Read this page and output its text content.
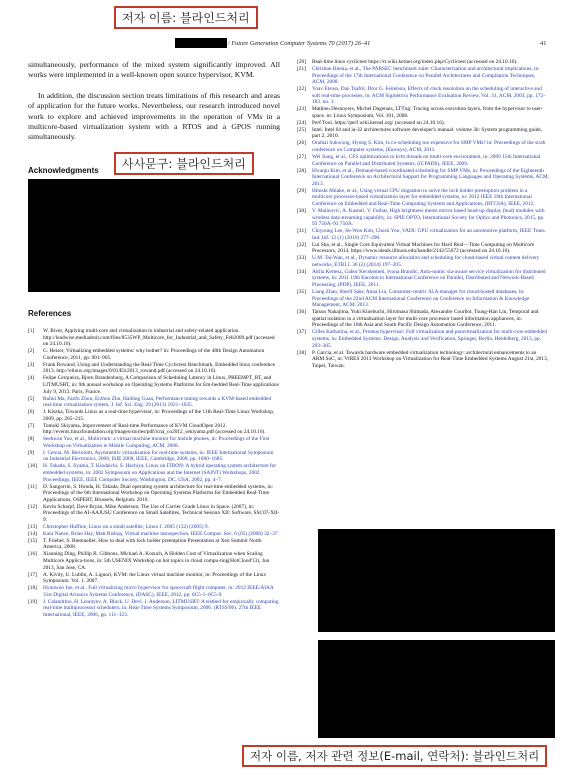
저자 이름: 블라인드처리
/ Future Generation Computer Systems 70 (2017) 26–41	41
simultaneously, performance of the mixed system significantly improved. All works were implemented in a well-known open source hypervisor, KVM.
In addition, the discussion section treats limitations of this research and areas of application for the future works. Nevertheless, our research introduced novel work to explore and achieved improvements in the operation of VMs in a multicore-based virtualization system with a RTOS and a GPOS running simultaneously.
사사문구: 블라인드처리
Acknowledgments
References
[1]	W. River, Applying multi-core and virtualization to industrial and safety-related application. http://leadwise.mediadroit.com/files/8535WP_Multicore_for_Industrial_and_Safety_Feb2009.pdf (accessed on 24.10.16).
[2]	G. Heiser, Virtualizing embedded systems: why bother? in: Proceedings of the 48th Design Automation Conference, 2011, pp. 901–905.
[3]	Frank Rowand, Using and Understanding the Real-Time Cyclictest Benchmark, Embedded linux conference 2013. http://elinux.org/images/0/01/Elc2013_rowand.pdf (accessed on 24.10.16).
[4]	Felipe Cerqueira, Bjorn Brandenburg, A Comparison of Scheduling Latency in Linux, PREEMPT_RT, and LITMUSRT, in: 9th annual workshop on Operating Systems Platforms for Em-bedded Real-Time applications July 9, 2013. Paris, France.
[5]	Ruhui Ma, Fanfu Zhou, Erzhou Zhu, Haibing Guan, Performance tuning towards a KVM-based embedded real-time virtualization system, J. Inf. Sci. Eng. 29 (2013) 1021–1035.
[6]	J. Kiszka, Towards Linux as a real-time hypervisor, in: Proceedings of the 11th Real-Time Linux Workshop, 2009, pp. 205–215.
[7]	Tomoki Skiyama, Improvement of Real-time Performance of KVM CloudOpen 2012. http://events.linuxfoundation.org/images/stories/pdf/lcna_co2012_sekiyama.pdf (accessed on 24.10.16).
[8]	Seehwan Yoo, et al., Mobivmm: a virtual machine monitor for mobile phones, in: Proceedings of the First Workshop on Virtualization in Mobile Computing, ACM, 2008.
[9]	I. Cereia, M. Bertolotti, Asymmetric virtualisation for real-time systems, in: IEEE International Symposium on Industrial Electronics, 2008, ISIE 2008, IEEE, Cambridge, 2008, pp. 1680–1685.
[10]	H. Takada, S. Iiyama, T. Kindaichi, S. Hachiya, Linux on ITRON: A hybrid operating system architecture for embedded systems, in: 2002 Symposium on Applications and the Internet (SAINT) Workshops, 2002. Proceedings, IEEE, IEEE Computer Society, Washington, DC, USA, 2002, pp. 4–7.
[11]	D. Sangorrin, S. Honda, H. Takada, Dual operating system architecture for real-time embedded systems, in: Proceedings of the 6th International Workshop on Operating Systems Platforms for Embedded Real-Time Applications, OSPERT, Brussels, Belgium. 2010.
[12]	Kevin Scharpf, Dave Bryan, Mike Anderson, The Use of Carrier Grade Linux in Space. (2007), in: Proceedings of the AI-AAJUSU Conference on Small Satellites, Technical Session XII: Software, SSC07-XII-9.
[13]	Christopher Huffine, Linux on a small satellite, Linux J. 2005 (132) (2005) 9.
[14]	Kara Nance, Brian Hay, Matt Bishop, Virtual machine introspection, IEEE Comput. Soc. 6 (05) (2008) 32–37.
[15]	T. Friebel, S. Biemueller, How to deal with lock holder preemption Presentation at Xen Summit North America, 2008.
[16]	Xiaoning Ding, Phillip B. Gibbons, Michael A. Kozuch, A Hidden Cost of Virtualization when Scaling Multicore Applica-tions, in: 5th USENIX Workshop on hot topics in cloud compu-ting(HotCloud'13), Jun 2013, San Jose, CA.
[17]	A. Kivity, U. Lublin, A. Liguori, KVM: the Linux virtual machine monitor, in: Proceedings of the Linux Symposium. Vol. 1. 2007.
[18]	Hyunwoo Joe, et al., Full virtualizing micro hypervisor for spacecraft flight computer, in: 2012 IEEE/AIAA 31st Digital Avionics Systems Conference, (DASC), IEEE, 2012, pp. 6C5-1–6C5-9.
[19]	J. Calandrino, H. Leontyev, A. Block, U. Devi, J. Anderson, LITMUSRT: A testbed for empirically comparing real-time multiprocessor schedulers, in: Real-Time Systems Symposium, 2006. (RTSS'06). 27th IEEE International, IEEE, 2006, pp. 111–123.
[20]	Real-time linux cyclictest https://rt.wiki.kernel.org/index.php/Cyclictest (accessed on 24.10.16).
[21]	Christian Bienia, et al., The PARSEC benchmark suite: Characterization and architectural implications, in: Proceedings of the 17th International Conference on Parallel Architectures and Compilation Techniques, ACM, 2008.
[22]	Yoav Etsion, Dan Tsafrir, Dror G. Feitelson, Effects of clock resolution on the scheduling of interactive and soft real-time processes, in: ACM Sigmetrics Performance Evaluation Review, Vol. 31, ACM, 2003, pp. 172–183. no. 1.
[23]	Mathieu Desnoyers, Michel Dagenais, LTTng: Tracing across execution layers, from the hypervisor to user-space. in: Linux Symposium, Vol. 101, 2008.
[24]	Perf Tool. https://perf.wiki.kernel.org/ (accessed on 24.10.16).
[25]	Intel. Intel 64 and ia-32 architectures software developer's manual. volume 3b: System programming guide, part 2, 2010.
[26]	Orathai Sukwong, Hyong S. Kim, Is co-scheduling too expensive for SMP VMs? in: Proceedings of the sixth conference on Computer systems, (Eurosys), ACM, 2011.
[27]	Wei Jiang, et al., CFS optimizations to kvm threads on multi-core environment, in: 2009 15th International Conference on Parallel and Distributed Systems, (ICPADS), IEEE, 2009.
[28]	Hwanju Kim, et al., Demand-based coordinated scheduling for SMP VMs, in: Proceedings of the Eighteenth International Conference on Architectural Support for Programming Languages and Operating Systems, ACM, 2013.
[29]	Hitoshi Mitake, et al., Using virtual CPU migration to solve the lock holder preemption problem in a multicore processor-based virtualization layer for embedded systems, in: 2012 IEEE 18th International Conference on Embedded and Real-Time Computing Systems and Applications, (RTCSA), IEEE, 2012.
[30]	V. Malinovic, A. Kasturi, V. Furbat, High brightness mems mirror based head-up display (hud) modules with wireless data streaming capability, in: SPIE OPTO, International Society for Optics and Photonics, 2015, pp. 93 750A–93 750A.
[31]	Chiyoung Lee, Se-Won Kim, Chuck Yoo, VADI: GPU virtualization for an automotive platform, IEEE Trans. Ind. Inf. 12 (1) (2016) 277–290.
[32]	Lui Sha, et al., Single Core Equivalent Virtual Machines for Hard Real—Time Computing on Multicore Processors, 2014, https://www.ideals.illinois.edu/handle/2142/55672 (accessed on 24.10.16).
[33]	U.M. Tai-Wan, et al., Dynamic resource allocation and scheduling for cloud-based virtual content delivery networks, ETRI J. 36 (2) (2014) 197–205.
[34]	Attila Kertesz, Gabor Kecskemeti, Ivona Brandic, Auto-nomic sla-aware service virtualization for distributed systems, in: 2011 19th Euromicro International Conference on Parallel, Distributed and Network-Based Processing, (PDP), IEEE, 2011.
[35]	Liang Zhao, Sherif Sakr, Anna Liu, Consumer-centric SLA manager for cloud-hosted databases, in: Proceedings of the 22nd ACM International Conference on Conference on Information & Knowledge Management, ACM, 2013.
[36]	Tatsuo Nakajima, Yuki Kinebuchi, Hiromasa Shimada, Alexandre Courbot, Tsung-Han Lin, Temporal and spatial isolation in a virtualization layer for multi-core processor based information appliances, in: Proceedings of the 16th Asia and South Pacific Design Automation Conference, 2011.
[37]	Gilles Katharina, et al., Proteus hypervisor: Full virtualization and paravirtualization for multi-core embedded systems, in: Embedded Systems: Design, Analysis and Verification, Springer, Berlin, Heidelberg, 2013, pp. 293–305.
[38]	P. Garcia, et al. Towards hardware embedded virtualization technology: architectural enhancements to an ARM SoC, in: VtRES 2013 Workshop on Virtualization for Real-Time Embedded Systems August 21st, 2013, Taipei, Taiwan.
저자 이름, 저자 관련 정보(E-mail, 연락처): 블라인드처리
